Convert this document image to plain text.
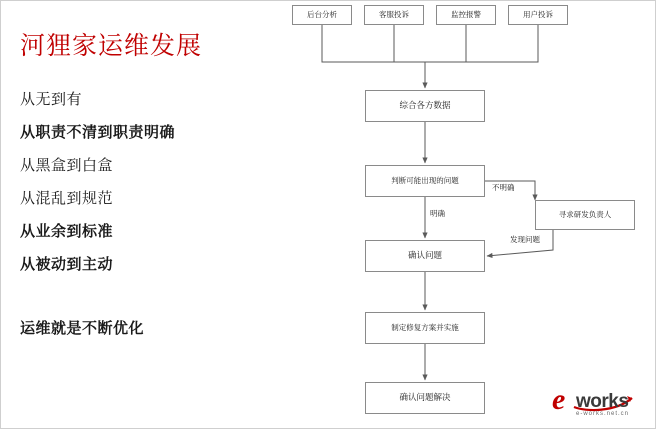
河狸家运维发展
从无到有
从职责不清到职责明确
从黑盒到白盒
从混乱到规范
从业余到标准
从被动到主动
运维就是不断优化
后台分析	客服投诉	监控报警	用户投诉
综合各方数据
判断可能出现的问题
确认问题
制定修复方案并实施
确认问题解决
寻求研发负责人
不明确
明确
发现问题
e works
e-works.net.cn
